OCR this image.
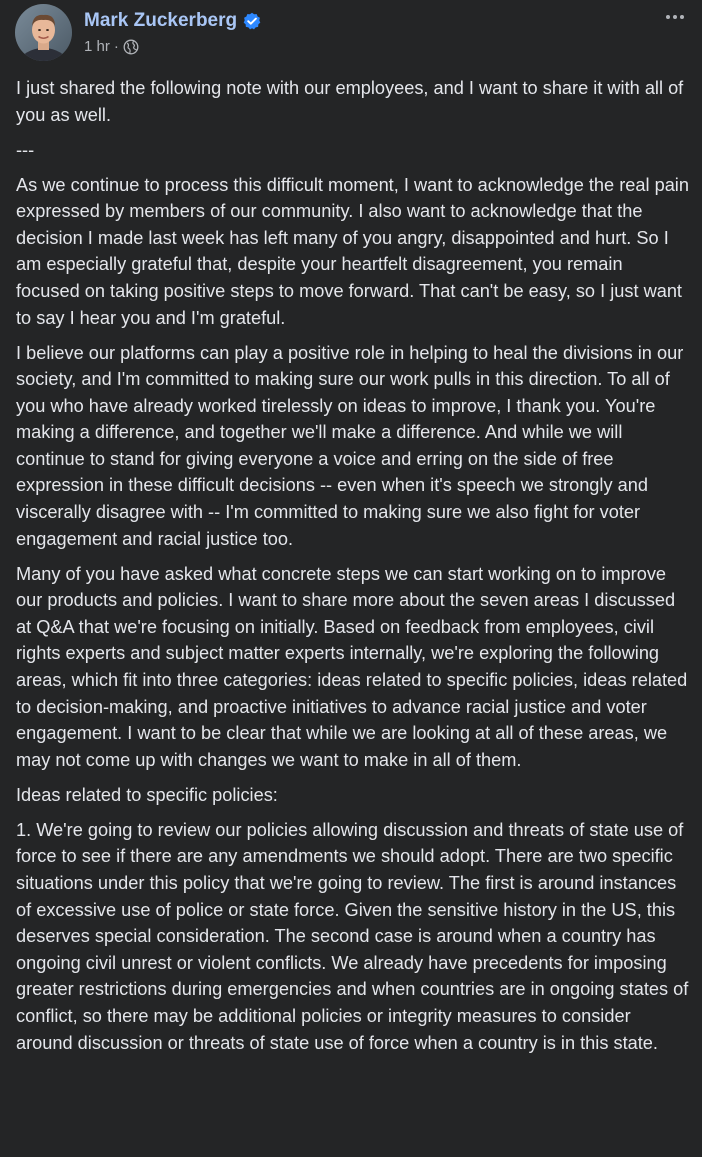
Mark Zuckerberg
1 hr ·

I just shared the following note with our employees, and I want to share it with all of you as well.

---

As we continue to process this difficult moment, I want to acknowledge the real pain expressed by members of our community. I also want to acknowledge that the decision I made last week has left many of you angry, disappointed and hurt. So I am especially grateful that, despite your heartfelt disagreement, you remain focused on taking positive steps to move forward. That can't be easy, so I just want to say I hear you and I'm grateful.

I believe our platforms can play a positive role in helping to heal the divisions in our society, and I'm committed to making sure our work pulls in this direction. To all of you who have already worked tirelessly on ideas to improve, I thank you. You're making a difference, and together we'll make a difference. And while we will continue to stand for giving everyone a voice and erring on the side of free expression in these difficult decisions -- even when it's speech we strongly and viscerally disagree with -- I'm committed to making sure we also fight for voter engagement and racial justice too.

Many of you have asked what concrete steps we can start working on to improve our products and policies. I want to share more about the seven areas I discussed at Q&A that we're focusing on initially. Based on feedback from employees, civil rights experts and subject matter experts internally, we're exploring the following areas, which fit into three categories: ideas related to specific policies, ideas related to decision-making, and proactive initiatives to advance racial justice and voter engagement. I want to be clear that while we are looking at all of these areas, we may not come up with changes we want to make in all of them.

Ideas related to specific policies:

1. We're going to review our policies allowing discussion and threats of state use of force to see if there are any amendments we should adopt. There are two specific situations under this policy that we're going to review. The first is around instances of excessive use of police or state force. Given the sensitive history in the US, this deserves special consideration. The second case is around when a country has ongoing civil unrest or violent conflicts. We already have precedents for imposing greater restrictions during emergencies and when countries are in ongoing states of conflict, so there may be additional policies or integrity measures to consider around discussion or threats of state use of force when a country is in this state.
